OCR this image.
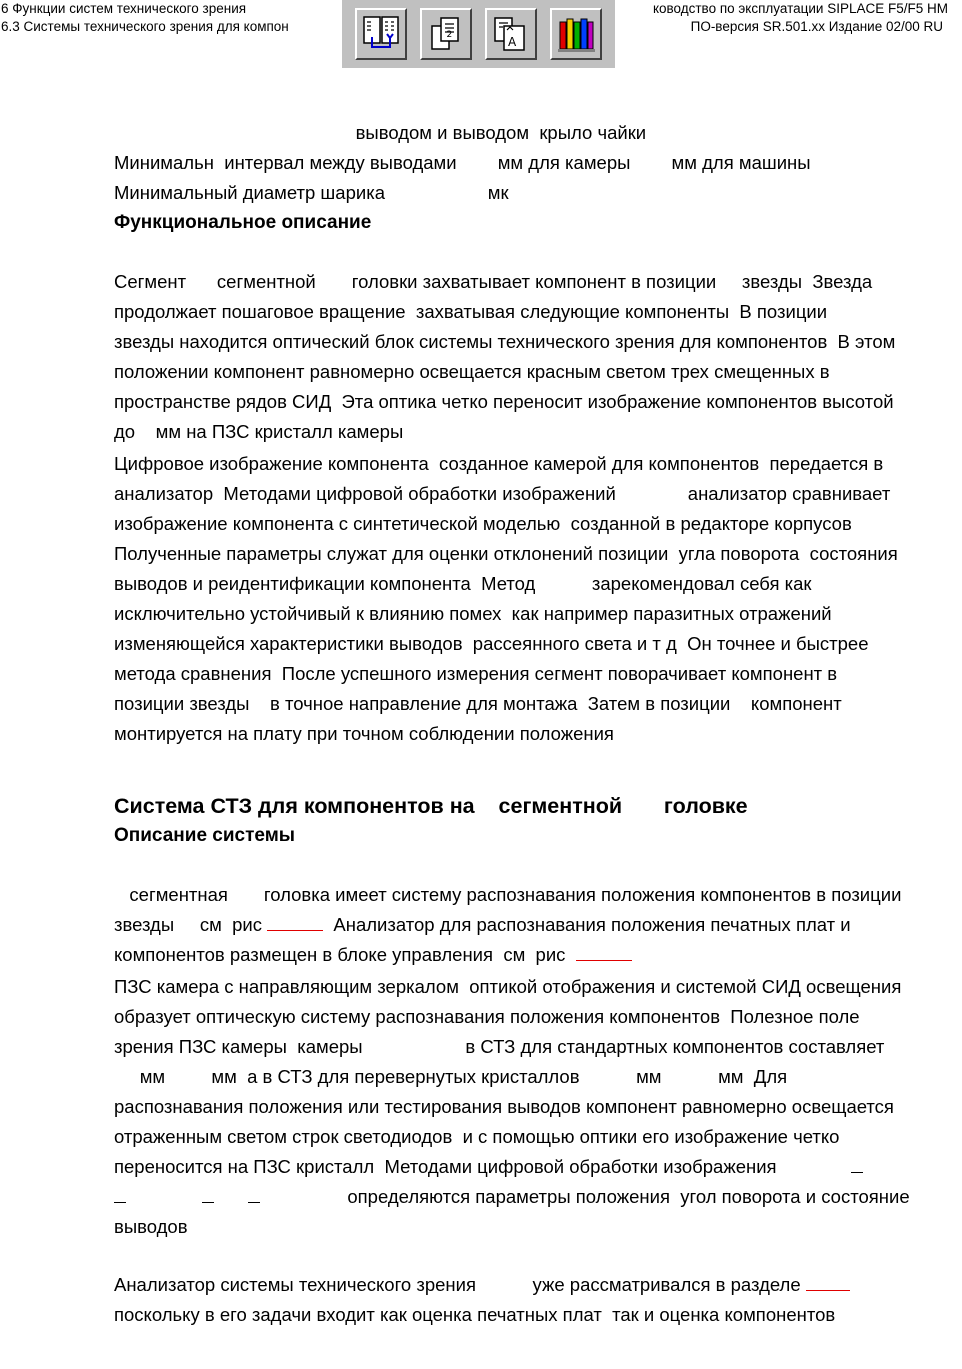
6 Функции систем технического зрения
6.3 Системы технического зрения для компон
ководство по эксплуатации SIPLACE F5/F5 HM
ПО-версия SR.501.xx Издание 02/00 RU
2	A

выводом и выводом  крыло чайки

Минимальн  интервал между выводами        мм для камеры        мм для машины

Минимальный диаметр шарика                    мк

Функциональное описание

Сегмент      сегментной       головки захватывает компонент в позиции     звезды  Звезда

продолжает пошаговое вращение  захватывая следующие компоненты  В позиции

звезды находится оптический блок системы технического зрения для компонентов  В этом

положении компонент равномерно освещается красным светом трех смещенных в

пространстве рядов СИД  Эта оптика четко переносит изображение компонентов высотой

до    мм на ПЗС кристалл камеры

Цифровое изображение компонента  созданное камерой для компонентов  передается в

анализатор  Методами цифровой обработки изображений              анализатор сравнивает

изображение компонента с синтетической моделью  созданной в редакторе корпусов

Полученные параметры служат для оценки отклонений позиции  угла поворота  состояния

выводов и реидентификации компонента  Метод           зарекомендовал себя как

исключительно устойчивый к влиянию помех  как например паразитных отражений

изменяющейся характеристики выводов  рассеянного света и т д  Он точнее и быстрее

метода сравнения  После успешного измерения сегмент поворачивает компонент в

позиции звезды    в точное направление для монтажа  Затем в позиции    компонент

монтируется на плату при точном соблюдении положения

Система СТЗ для компонентов на    сегментной       головке

Описание системы

сегментная       головка имеет систему распознавания положения компонентов в позиции

звезды     см  рис	Анализатор для распознавания положения печатных плат и

компонентов размещен в блоке управления  см  рис

ПЗС камера с направляющим зеркалом  оптикой отображения и системой СИД освещения

образует оптическую систему распознавания положения компонентов  Полезное поле

зрения ПЗС камеры  камеры                    в СТЗ для стандартных компонентов составляет

мм         мм  а в СТЗ для перевернутых кристаллов           мм           мм  Для

распознавания положения или тестирования выводов компонент равномерно освещается

отраженным светом строк светодиодов  и с помощью оптики его изображение четко

переносится на ПЗС кристалл  Методами цифровой обработки изображения

определяются параметры положения  угол поворота и состояние

выводов

Анализатор системы технического зрения           уже рассматривался в разделе

поскольку в его задачи входит как оценка печатных плат  так и оценка компонентов
